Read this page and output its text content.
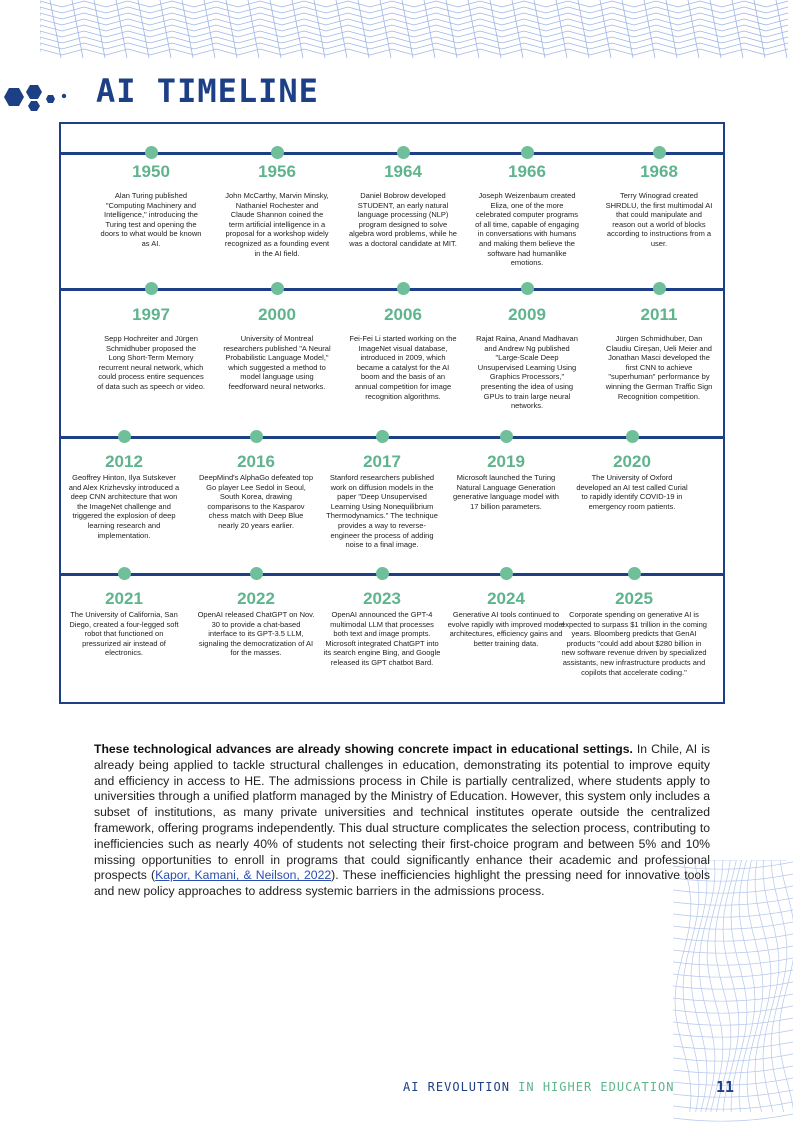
AI TIMELINE
1950
Alan Turing published "Computing Machinery and Intelligence," introducing the Turing test and opening the doors to what would be known as AI.
1956
John McCarthy, Marvin Minsky, Nathaniel Rochester and Claude Shannon coined the term artificial intelligence in a proposal for a workshop widely recognized as a founding event in the AI field.
1964
Daniel Bobrow developed STUDENT, an early natural language processing (NLP) program designed to solve algebra word problems, while he was a doctoral candidate at MIT.
1966
Joseph Weizenbaum created Eliza, one of the more celebrated computer programs of all time, capable of engaging in conversations with humans and making them believe the software had humanlike emotions.
1968
Terry Winograd created SHRDLU, the first multimodal AI that could manipulate and reason out a world of blocks according to instructions from a user.
1997
Sepp Hochreiter and Jürgen Schmidhuber proposed the Long Short-Term Memory recurrent neural network, which could process entire sequences of data such as speech or video.
2000
University of Montreal researchers published "A Neural Probabilistic Language Model," which suggested a method to model language using feedforward neural networks.
2006
Fei-Fei Li started working on the ImageNet visual database, introduced in 2009, which became a catalyst for the AI boom and the basis of an annual competition for image recognition algorithms.
2009
Rajat Raina, Anand Madhavan and Andrew Ng published "Large-Scale Deep Unsupervised Learning Using Graphics Processors," presenting the idea of using GPUs to train large neural networks.
2011
Jürgen Schmidhuber, Dan Claudiu Cireșan, Ueli Meier and Jonathan Masci developed the first CNN to achieve "superhuman" performance by winning the German Traffic Sign Recognition competition.
2012
Geoffrey Hinton, Ilya Sutskever and Alex Krizhevsky introduced a deep CNN architecture that won the ImageNet challenge and triggered the explosion of deep learning research and implementation.
2016
DeepMind's AlphaGo defeated top Go player Lee Sedol in Seoul, South Korea, drawing comparisons to the Kasparov chess match with Deep Blue nearly 20 years earlier.
2017
Stanford researchers published work on diffusion models in the paper "Deep Unsupervised Learning Using Nonequilibrium Thermodynamics." The technique provides a way to reverse-engineer the process of adding noise to a final image.
2019
Microsoft launched the Turing Natural Language Generation generative language model with 17 billion parameters.
2020
The University of Oxford developed an AI test called Curial to rapidly identify COVID-19 in emergency room patients.
2021
The University of California, San Diego, created a four-legged soft robot that functioned on pressurized air instead of electronics.
2022
OpenAI released ChatGPT on Nov. 30 to provide a chat-based interface to its GPT-3.5 LLM, signaling the democratization of AI for the masses.
2023
OpenAI announced the GPT-4 multimodal LLM that processes both text and image prompts. Microsoft integrated ChatGPT into its search engine Bing, and Google released its GPT chatbot Bard.
2024
Generative AI tools continued to evolve rapidly with improved model architectures, efficiency gains and better training data.
2025
Corporate spending on generative AI is expected to surpass $1 trillion in the coming years. Bloomberg predicts that GenAI products "could add about $280 billion in new software revenue driven by specialized assistants, new infrastructure products and copilots that accelerate coding."

These technological advances are already showing concrete impact in educational settings. In Chile, AI is already being applied to tackle structural challenges in education, demonstrating its potential to improve equity and efficiency in access to HE. The admissions process in Chile is partially centralized, where students apply to universities through a unified platform managed by the Ministry of Education. However, this system only includes a subset of institutions, as many private universities and technical institutes operate outside the centralized framework, offering programs independently. This dual structure complicates the selection process, contributing to inefficiencies such as nearly 40% of students not selecting their first-choice program and between 5% and 10% missing opportunities to enroll in programs that could significantly enhance their academic and professional prospects (Kapor, Kamani, & Neilson, 2022). These inefficiencies highlight the pressing need for innovative tools and new policy approaches to address systemic barriers in the admissions process.

AI REVOLUTION IN HIGHER EDUCATION	11
